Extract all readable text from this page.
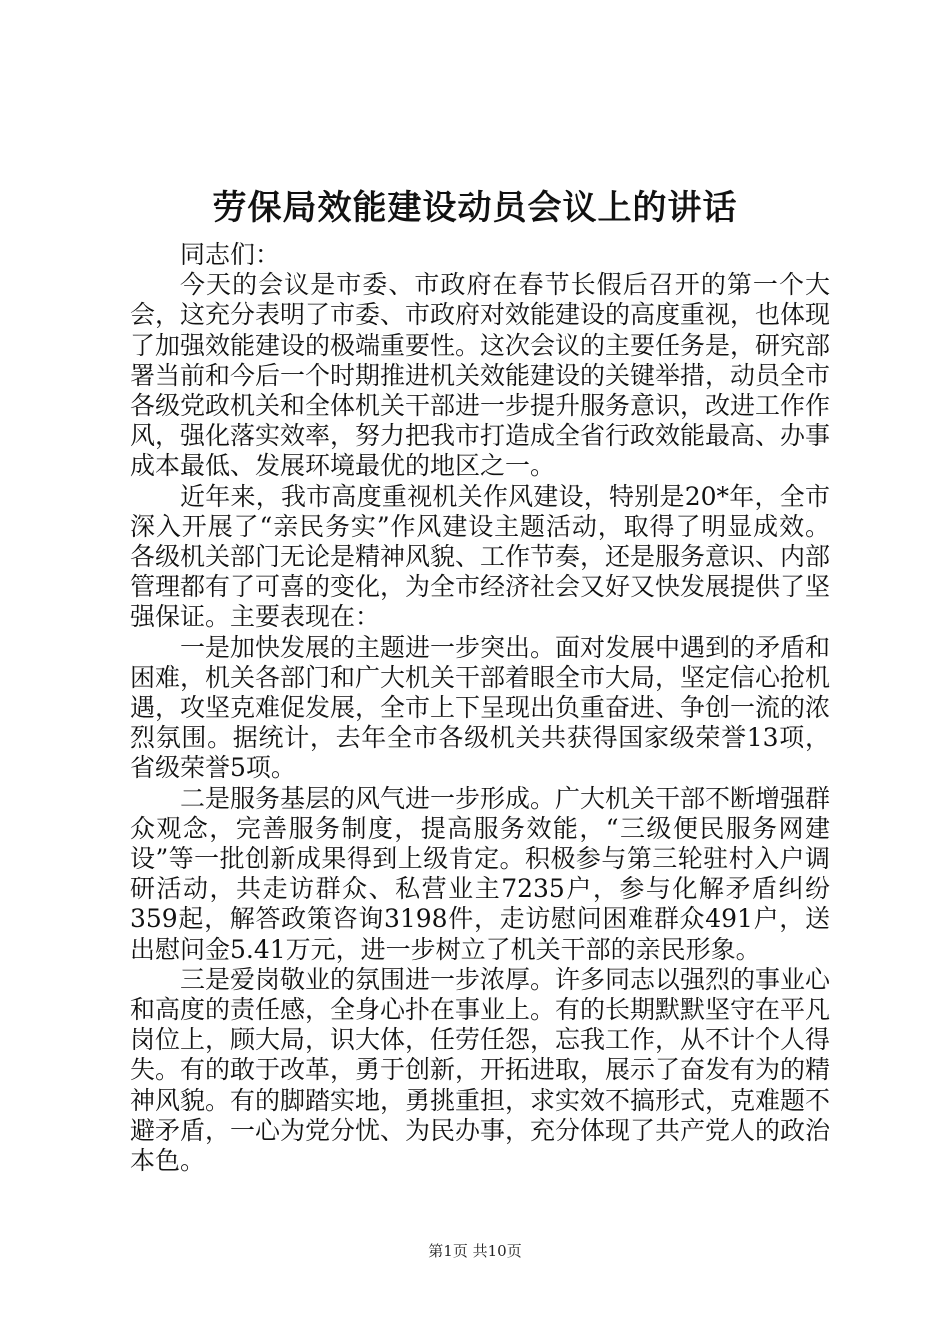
劳保局效能建设动员会议上的讲话

同志们：

今天的会议是市委、市政府在春节长假后召开的第一个大会，这充分表明了市委、市政府对效能建设的高度重视，也体现了加强效能建设的极端重要性。这次会议的主要任务是，研究部署当前和今后一个时期推进机关效能建设的关键举措，动员全市各级党政机关和全体机关干部进一步提升服务意识，改进工作作风，强化落实效率，努力把我市打造成全省行政效能最高、办事成本最低、发展环境最优的地区之一。

近年来，我市高度重视机关作风建设，特别是20*年，全市深入开展了“亲民务实”作风建设主题活动，取得了明显成效。各级机关部门无论是精神风貌、工作节奏，还是服务意识、内部管理都有了可喜的变化，为全市经济社会又好又快发展提供了坚强保证。主要表现在：

一是加快发展的主题进一步突出。面对发展中遇到的矛盾和困难，机关各部门和广大机关干部着眼全市大局，坚定信心抢机遇，攻坚克难促发展，全市上下呈现出负重奋进、争创一流的浓烈氛围。据统计，去年全市各级机关共获得国家级荣誉13项，省级荣誉5项。

二是服务基层的风气进一步形成。广大机关干部不断增强群众观念，完善服务制度，提高服务效能，“三级便民服务网建设”等一批创新成果得到上级肯定。积极参与第三轮驻村入户调研活动，共走访群众、私营业主7235户，参与化解矛盾纠纷359起，解答政策咨询3198件，走访慰问困难群众491户，送出慰问金5.41万元，进一步树立了机关干部的亲民形象。

三是爱岗敬业的氛围进一步浓厚。许多同志以强烈的事业心和高度的责任感，全身心扑在事业上。有的长期默默坚守在平凡岗位上，顾大局，识大体，任劳任怨，忘我工作，从不计个人得失。有的敢于改革，勇于创新，开拓进取，展示了奋发有为的精神风貌。有的脚踏实地，勇挑重担，求实效不搞形式，克难题不避矛盾，一心为党分忧、为民办事，充分体现了共产党人的政治本色。

第1页 共10页
